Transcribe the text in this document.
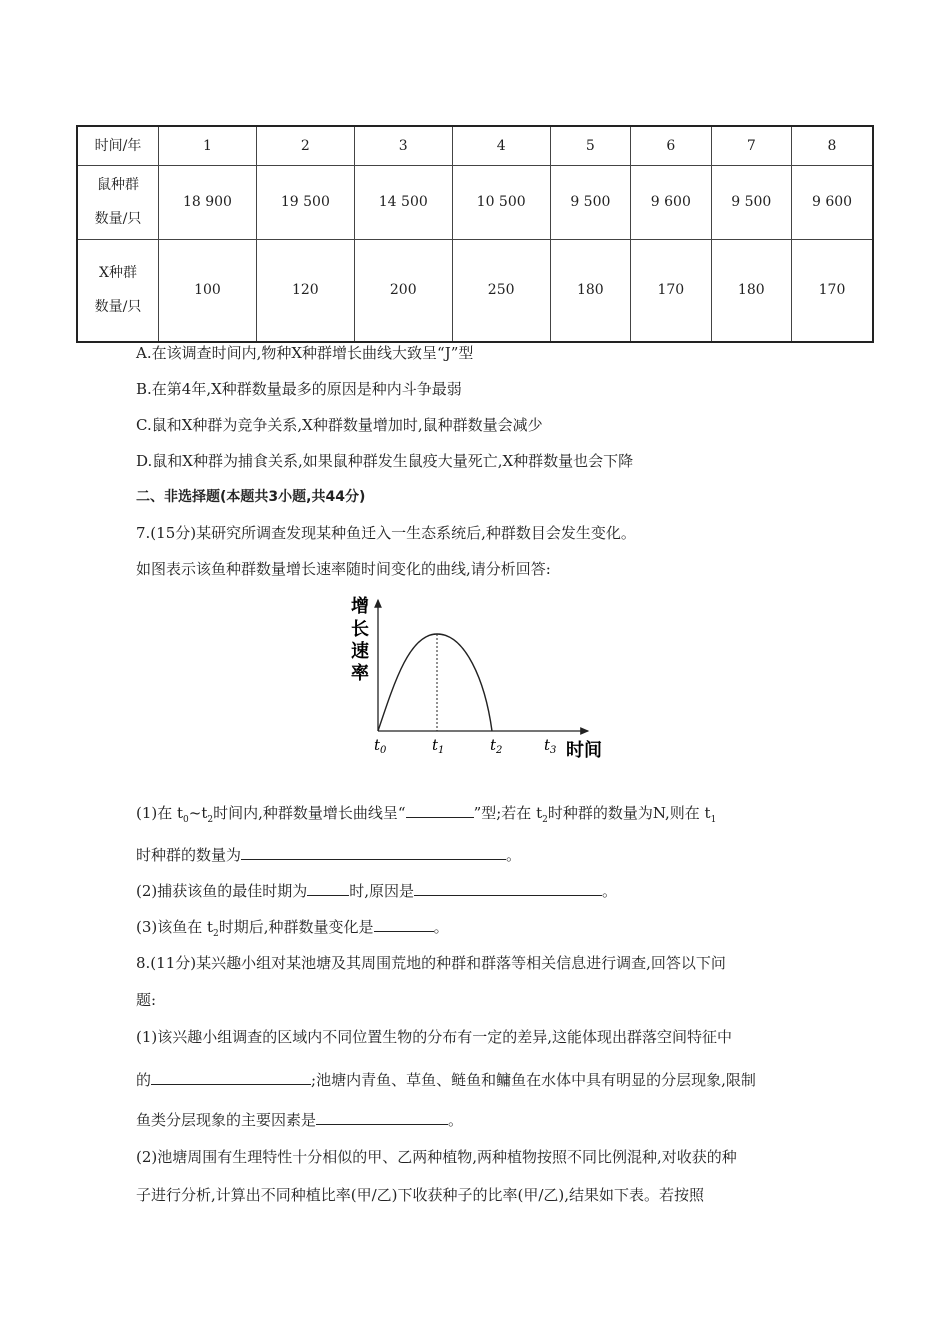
时间/年	1	2	3	4	5	6	7	8

鼠种群
数量/只	18 900	19 500	14 500	10 500	9 500	9 600	9 500	9 600

X种群
数量/只	100	120	200	250	180	170	180	170
A.在该调查时间内,物种X种群增长曲线大致呈“J”型
B.在第4年,X种群数量最多的原因是种内斗争最弱
C.鼠和X种群为竞争关系,X种群数量增加时,鼠种群数量会减少
D.鼠和X种群为捕食关系,如果鼠种群发生鼠疫大量死亡,X种群数量也会下降
二、非选择题(本题共3小题,共44分)
7.(15分)某研究所调查发现某种鱼迁入一生态系统后,种群数目会发生变化。
如图表示该鱼种群数量增长速率随时间变化的曲线,请分析回答:
增
长
速
率
$t_0$	$t_1$	$t_2$	$t_3$ 时间
(1)在 $t_0\sim t_2$时间内,种群数量增长曲线呈“	”型;若在 $t_2$时种群的数量为N,则在 $t_1$
时种群的数量为	。
(2)捕获该鱼的最佳时期为	时,原因是	。
(3)该鱼在 $t_2$时期后,种群数量变化是	。
8.(11分)某兴趣小组对某池塘及其周围荒地的种群和群落等相关信息进行调查,回答以下问
题:
(1)该兴趣小组调查的区域内不同位置生物的分布有一定的差异,这能体现出群落空间特征中
的	;池塘内青鱼、草鱼、鲢鱼和鳙鱼在水体中具有明显的分层现象,限制
鱼类分层现象的主要因素是	。
(2)池塘周围有生理特性十分相似的甲、乙两种植物,两种植物按照不同比例混种,对收获的种
子进行分析,计算出不同种植比率(甲/乙)下收获种子的比率(甲/乙),结果如下表。若按照
